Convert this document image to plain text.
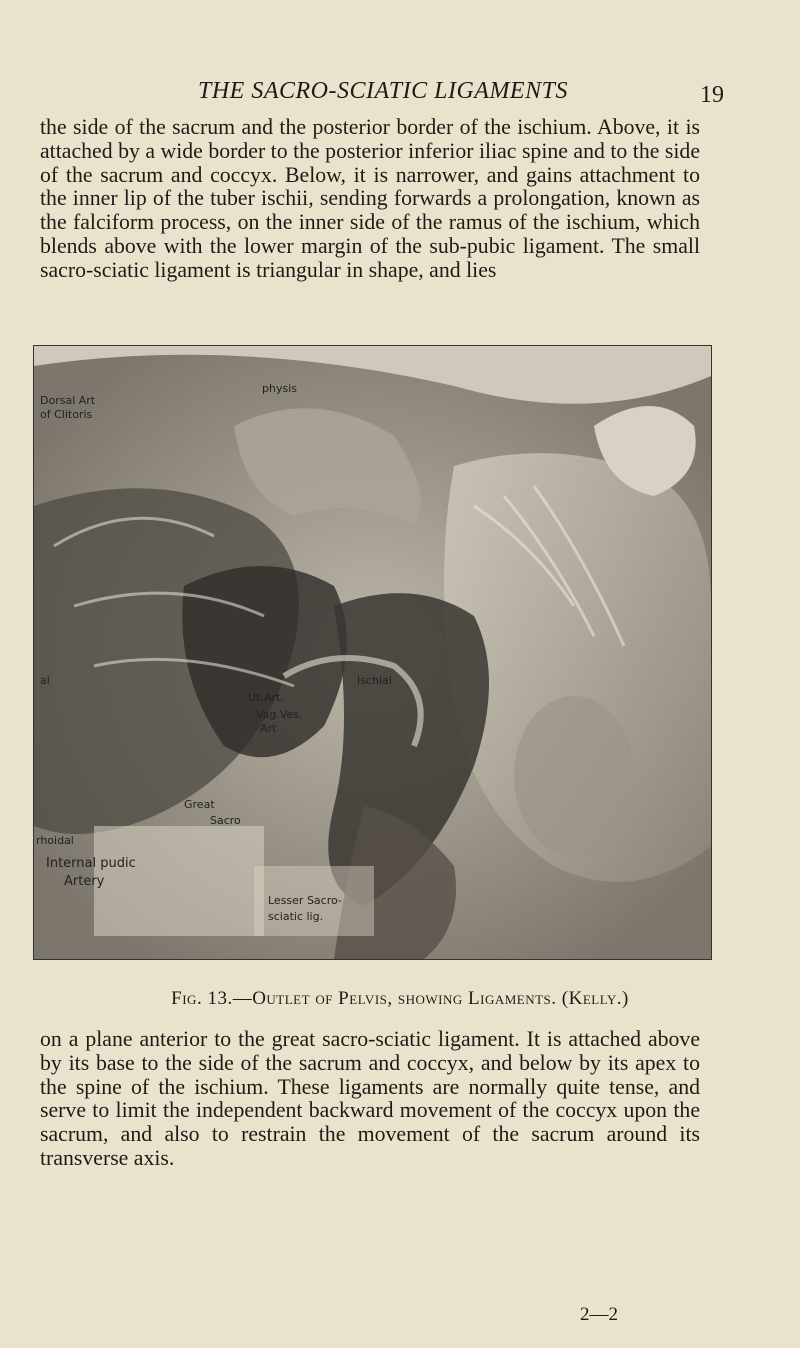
THE SACRO-SCIATIC LIGAMENTS	19

the side of the sacrum and the posterior border of the ischium. Above, it is attached by a wide border to the posterior inferior iliac spine and to the side of the sacrum and coccyx. Below, it is narrower, and gains attachment to the inner lip of the tuber ischii, sending forwards a prolongation, known as the falciform process, on the inner side of the ramus of the ischium, which blends above with the lower margin of the sub-pubic ligament. The small sacro-sciatic ligament is triangular in shape, and lies

Dorsal Art
of Clitoris
physis
al
Ut.Art.
Vag.Ves.
Art
Ischial
Great
Sacro
rhoidal
Internal pudic
Artery
Lesser Sacro-
sciatic lig.
Fig. 13.—Outlet of Pelvis, showing Ligaments. (Kelly.)

on a plane anterior to the great sacro-sciatic ligament. It is attached above by its base to the side of the sacrum and coccyx, and below by its apex to the spine of the ischium. These ligaments are normally quite tense, and serve to limit the independent backward movement of the coccyx upon the sacrum, and also to restrain the movement of the sacrum around its transverse axis.

2—2
